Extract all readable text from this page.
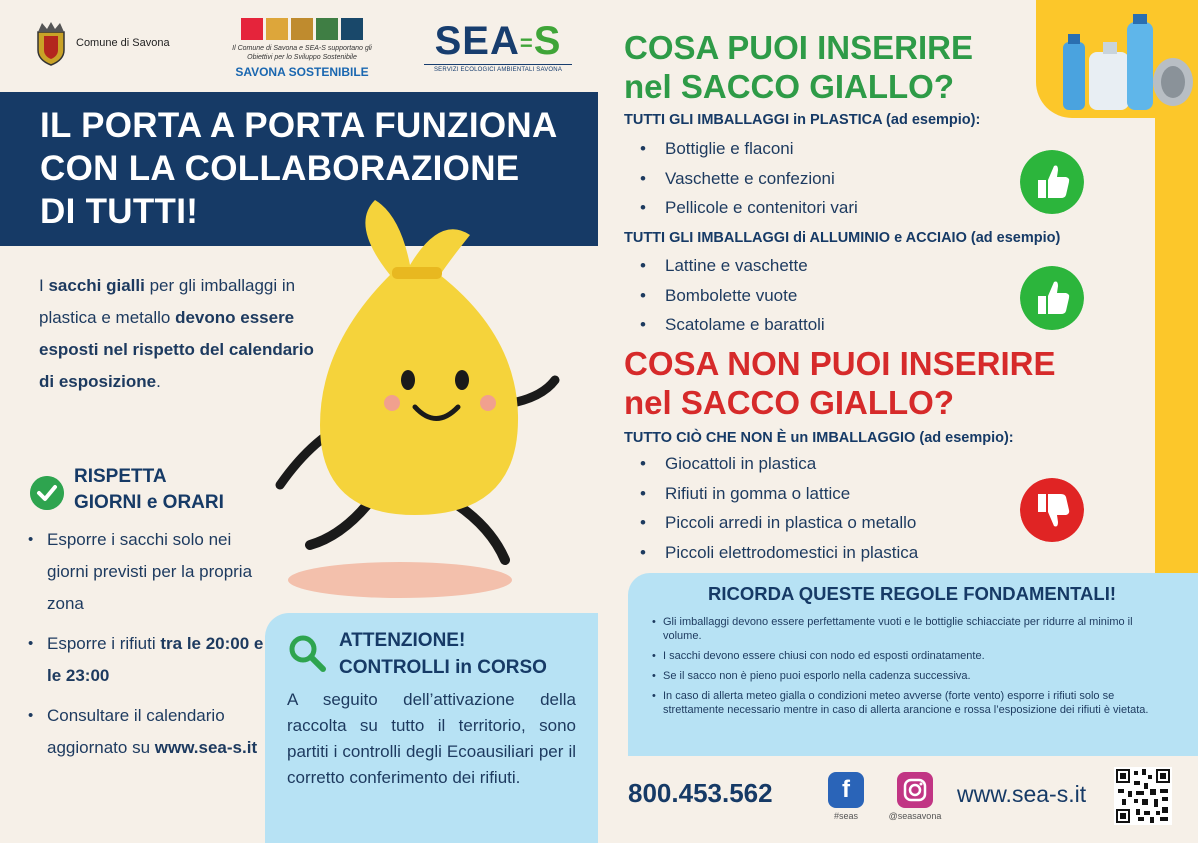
Comune di Savona	Il Comune di Savona e SEA-S supportano gli Obiettivi per lo Sviluppo Sostenibile
SAVONA SOSTENIBILE
SEA=S
SERVIZI ECOLOGICI AMBIENTALI SAVONA
IL PORTA A PORTA FUNZIONA
CON LA COLLABORAZIONE
DI TUTTI!
I sacchi gialli per gli imballaggi in plastica e metallo devono essere esposti nel rispetto del calendario di esposizione.
RISPETTA
GIORNI e ORARI
• Esporre i sacchi solo nei giorni previsti per la propria zona
• Esporre i rifiuti tra le 20:00 e le 23:00
• Consultare il calendario aggiornato su www.sea-s.it
ATTENZIONE!
CONTROLLI in CORSO
A seguito dell’attivazione della raccolta su tutto il territorio, sono partiti i controlli degli Ecoausiliari per il corretto conferimento dei rifiuti.
COSA PUOI INSERIRE
nel SACCO GIALLO?
TUTTI GLI IMBALLAGGI in PLASTICA (ad esempio):
• Bottiglie e flaconi
• Vaschette e confezioni
• Pellicole e contenitori vari
TUTTI GLI IMBALLAGGI di ALLUMINIO e ACCIAIO (ad esempio)
• Lattine e vaschette
• Bombolette vuote
• Scatolame e barattoli
COSA NON PUOI INSERIRE
nel SACCO GIALLO?
TUTTO CIÒ CHE NON È un IMBALLAGGIO (ad esempio):
• Giocattoli in plastica
• Rifiuti in gomma o lattice
• Piccoli arredi in plastica o metallo
• Piccoli elettrodomestici in plastica
RICORDA QUESTE REGOLE FONDAMENTALI!
• Gli imballaggi devono essere perfettamente vuoti e le bottiglie schiacciate per ridurre al minimo il volume.
• I sacchi devono essere chiusi con nodo ed esposti ordinatamente.
• Se il sacco non è pieno puoi esporlo nella cadenza successiva.
• In caso di allerta meteo gialla o condizioni meteo avverse (forte vento) esporre i rifiuti solo se strettamente necessario mentre in caso di allerta arancione e rossa l’esposizione dei rifiuti è vietata.
800.453.562	f
#seas	@seasavona
www.sea-s.it
